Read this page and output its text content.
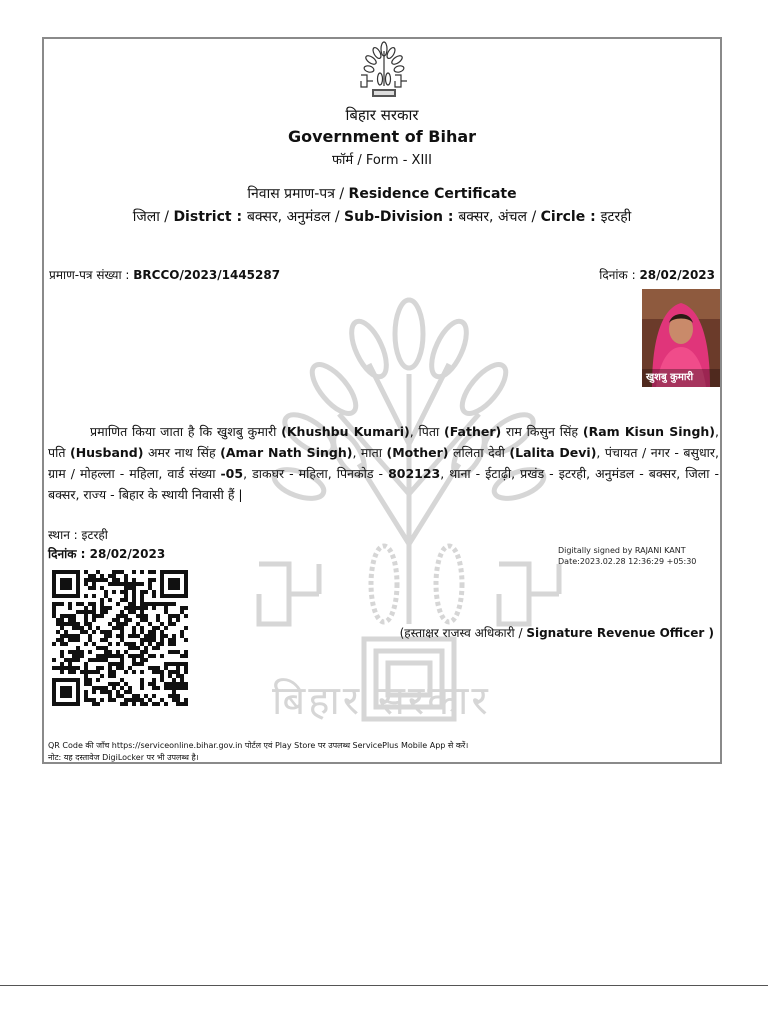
बिहार सरकार
बिहार सरकार
Government of Bihar
फॉर्म / Form - XIII
निवास प्रमाण-पत्र / Residence Certificate
जिला / District : बक्सर, अनुमंडल / Sub-Division : बक्सर, अंचल / Circle : इटरही
प्रमाण-पत्र संख्या : BRCCO/2023/1445287	दिनांक : 28/02/2023
खुशबु कुमारी
प्रमाणित किया जाता है कि खुशबु कुमारी (Khushbu Kumari), पिता (Father) राम किसुन सिंह (Ram Kisun Singh), पति (Husband) अमर नाथ सिंह (Amar Nath Singh), माता (Mother) ललिता देवी (Lalita Devi), पंचायत / नगर - बसुधार, ग्राम / मोहल्ला - महिला, वार्ड संख्या -05, डाकघर - महिला, पिनकोड - 802123, थाना - ईटाढ़ी, प्रखंड - इटरही, अनुमंडल - बक्सर, जिला - बक्सर, राज्य - बिहार के स्थायी निवासी हैं |
स्थान : इटरही
दिनांक : 28/02/2023	Digitally signed by RAJANI KANT
Date:2023.02.28 12:36:29 +05:30
(हस्ताक्षर राजस्व अधिकारी / Signature Revenue Officer )
QR Code की जाँच https://serviceonline.bihar.gov.in पोर्टल एवं Play Store पर उपलब्ध ServicePlus Mobile App से करें।
नोट: यह दस्तावेज DigiLocker पर भी उपलब्ध है।
